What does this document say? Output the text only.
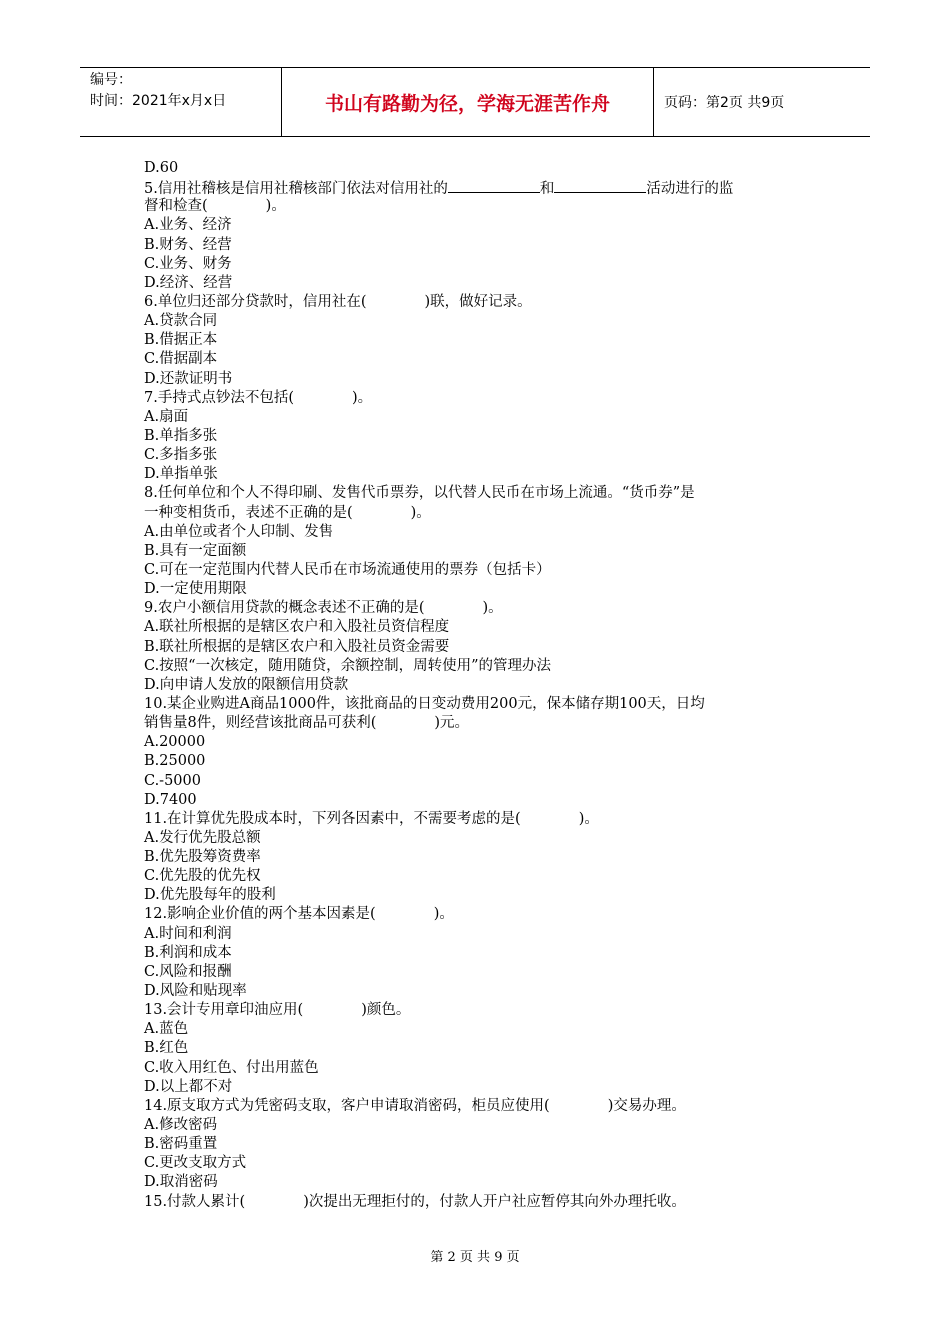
编号：
时间：2021年x月x日	书山有路勤为径，学海无涯苦作舟	页码：第2页 共9页
D.60
5.信用社稽核是信用社稽核部门依法对信用社的	和	活动进行的监
督和检查(　　　　)。
A.业务、经济
B.财务、经营
C.业务、财务
D.经济、经营
6.单位归还部分贷款时，信用社在(　　　　)联，做好记录。
A.贷款合同
B.借据正本
C.借据副本
D.还款证明书
7.手持式点钞法不包括(　　　　)。
A.扇面
B.单指多张
C.多指多张
D.单指单张
8.任何单位和个人不得印刷、发售代币票券，以代替人民币在市场上流通。“货币券”是
一种变相货币，表述不正确的是(　　　　)。
A.由单位或者个人印制、发售
B.具有一定面额
C.可在一定范围内代替人民币在市场流通使用的票券（包括卡）
D.一定使用期限
9.农户小额信用贷款的概念表述不正确的是(　　　　)。
A.联社所根据的是辖区农户和入股社员资信程度
B.联社所根据的是辖区农户和入股社员资金需要
C.按照“一次核定，随用随贷，余额控制，周转使用”的管理办法
D.向申请人发放的限额信用贷款
10.某企业购进A商品1000件，该批商品的日变动费用200元，保本储存期100天，日均
销售量8件，则经营该批商品可获利(　　　　)元。
A.20000
B.25000
C.-5000
D.7400
11.在计算优先股成本时，下列各因素中，不需要考虑的是(　　　　)。
A.发行优先股总额
B.优先股筹资费率
C.优先股的优先权
D.优先股每年的股利
12.影响企业价值的两个基本因素是(　　　　)。
A.时间和利润
B.利润和成本
C.风险和报酬
D.风险和贴现率
13.会计专用章印油应用(　　　　)颜色。
A.蓝色
B.红色
C.收入用红色、付出用蓝色
D.以上都不对
14.原支取方式为凭密码支取，客户申请取消密码，柜员应使用(　　　　)交易办理。
A.修改密码
B.密码重置
C.更改支取方式
D.取消密码
15.付款人累计(　　　　)次提出无理拒付的，付款人开户社应暂停其向外办理托收。
第 2 页 共 9 页
